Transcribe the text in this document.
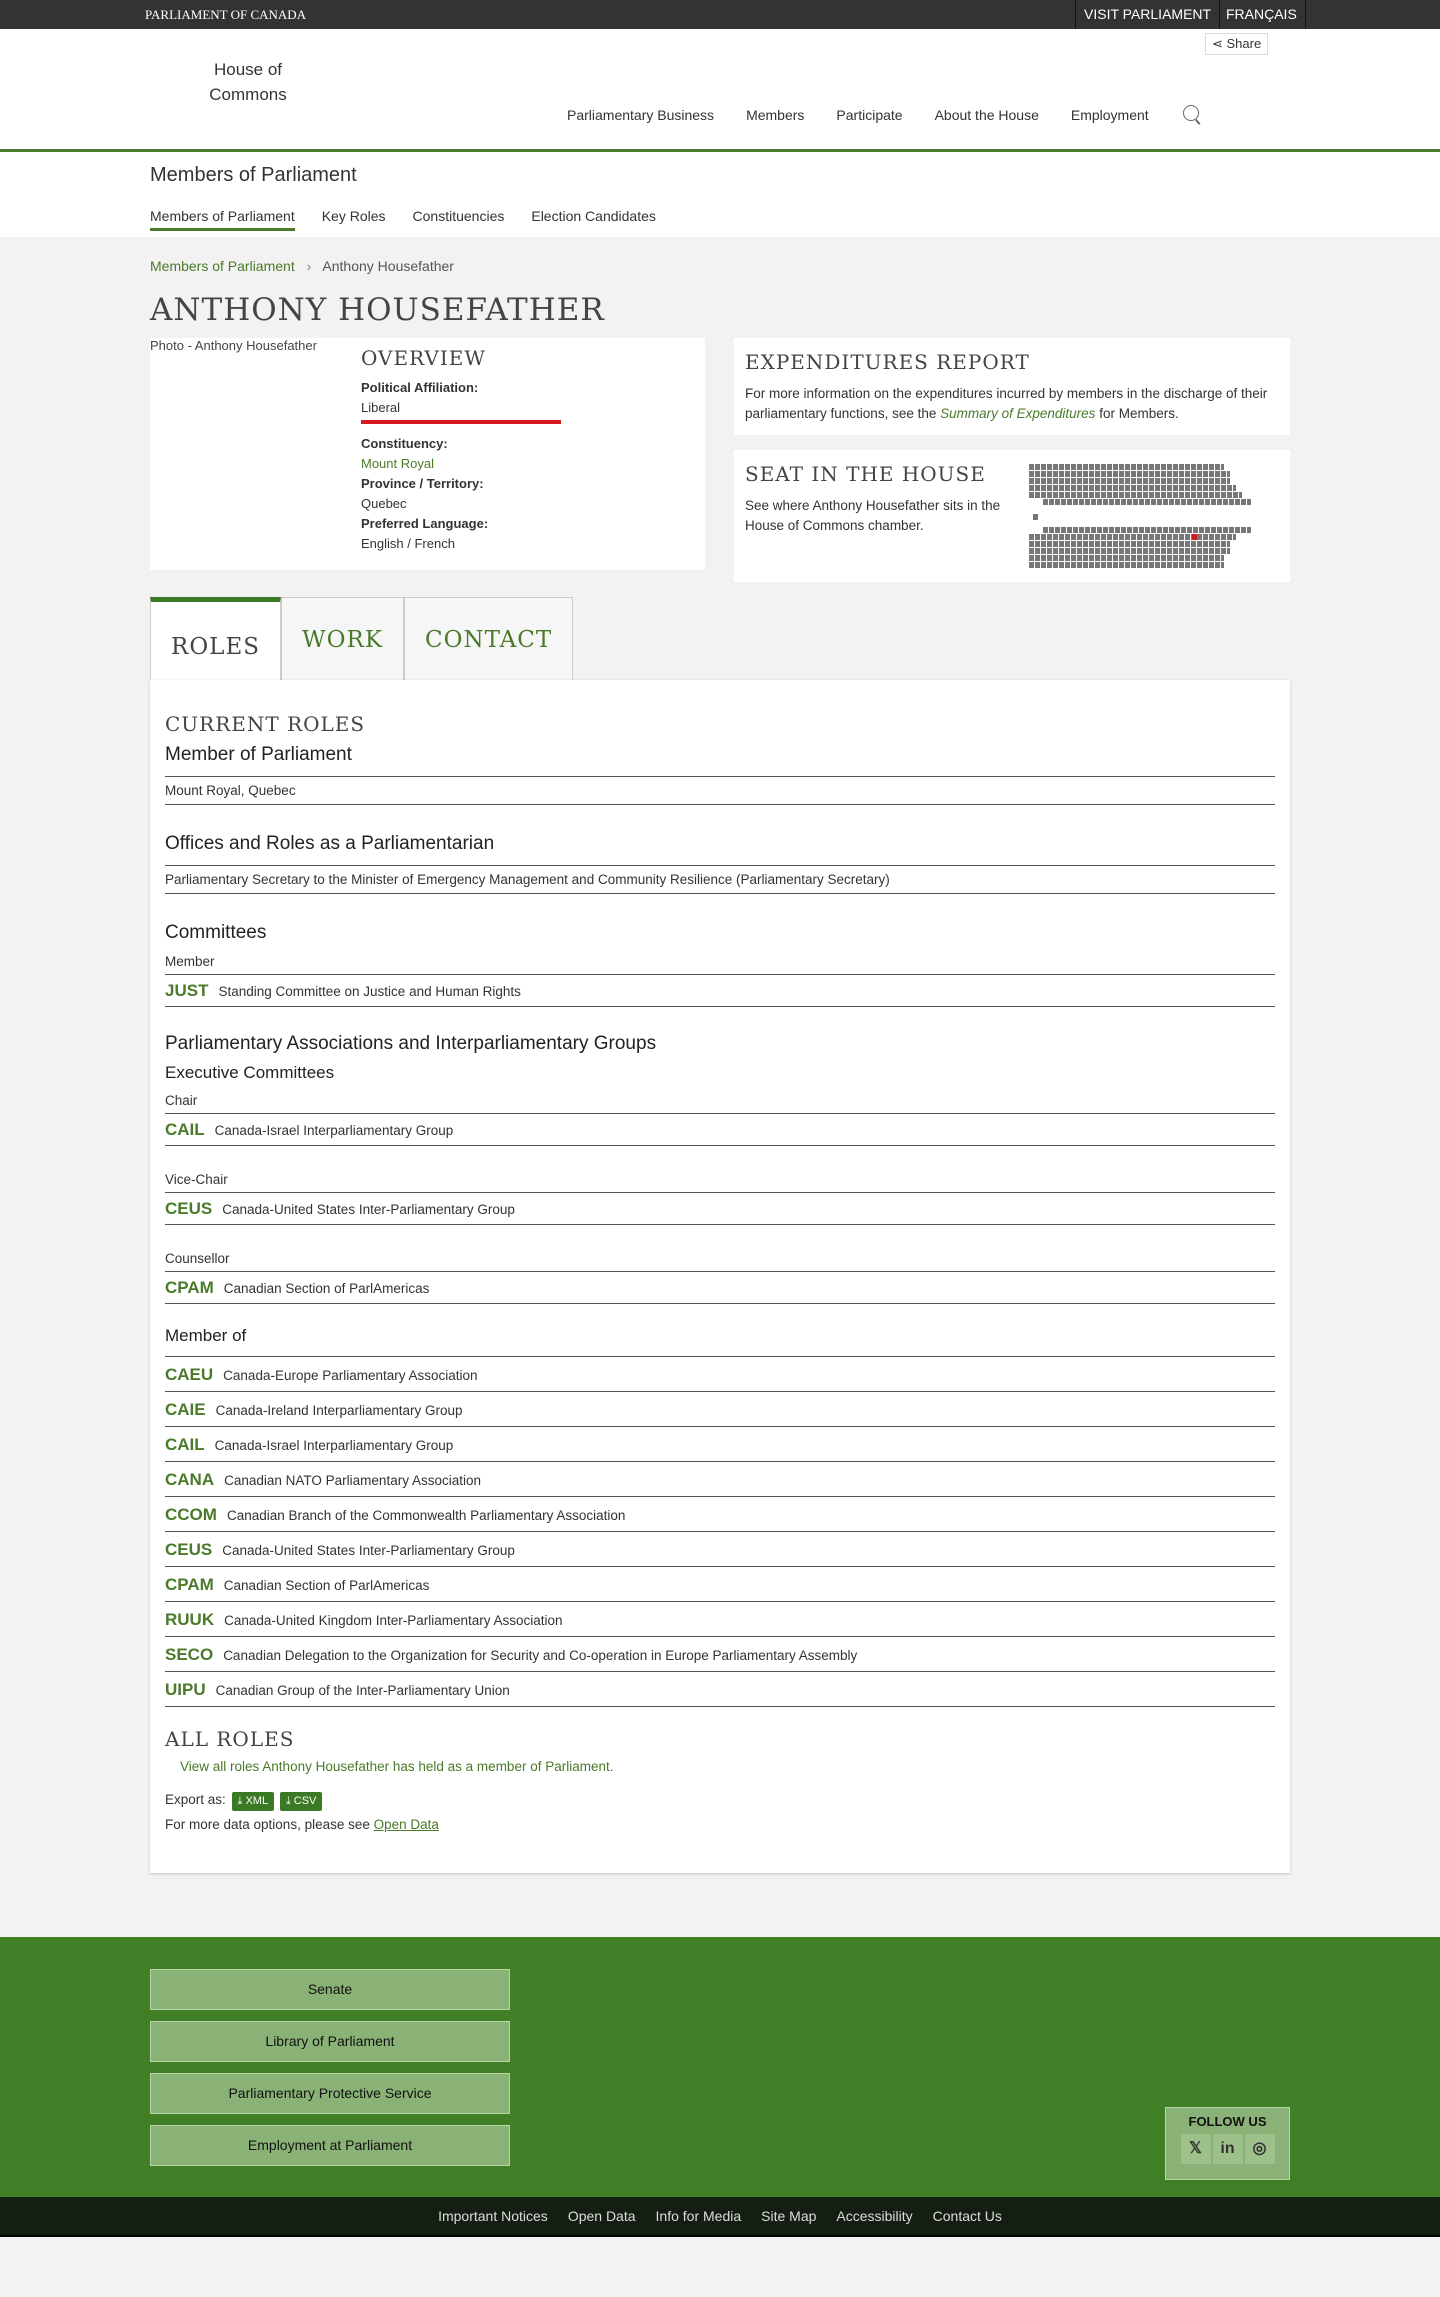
PARLIAMENT OF CANADA	VISIT PARLIAMENT	FRANÇAIS
⋖ Share
House of Commons
Parliamentary Business Members Participate About the House Employment
Members of Parliament
Members of Parliament Key Roles Constituencies Election Candidates
Members of Parliament › Anthony Housefather
ANTHONY HOUSEFATHER
Photo - Anthony Housefather
OVERVIEW
Political Affiliation:
Liberal
Constituency:
Mount Royal
Province / Territory:
Quebec
Preferred Language:
English / French
EXPENDITURES REPORT

For more information on the expenditures incurred by members in the discharge of their parliamentary functions, see the Summary of Expenditures for Members.

SEAT IN THE HOUSE

See where Anthony Housefather sits in the House of Commons chamber.

ROLES	WORK	CONTACT
CURRENT ROLES
Member of Parliament
Mount Royal, Quebec
Offices and Roles as a Parliamentarian
Parliamentary Secretary to the Minister of Emergency Management and Community Resilience (Parliamentary Secretary)
Committees
Member
JUST Standing Committee on Justice and Human Rights
Parliamentary Associations and Interparliamentary Groups
Executive Committees
Chair
CAIL Canada-Israel Interparliamentary Group
Vice-Chair
CEUS Canada-United States Inter-Parliamentary Group
Counsellor
CPAM Canadian Section of ParlAmericas
Member of
CAEU Canada-Europe Parliamentary Association
CAIE Canada-Ireland Interparliamentary Group
CAIL Canada-Israel Interparliamentary Group
CANA Canadian NATO Parliamentary Association
CCOM Canadian Branch of the Commonwealth Parliamentary Association
CEUS Canada-United States Inter-Parliamentary Group
CPAM Canadian Section of ParlAmericas
RUUK Canada-United Kingdom Inter-Parliamentary Association
SECO Canadian Delegation to the Organization for Security and Co-operation in Europe Parliamentary Assembly
UIPU Canadian Group of the Inter-Parliamentary Union
ALL ROLES
View all roles Anthony Housefather has held as a member of Parliament.
Export as: ⤓ XML ⤓ CSV
For more data options, please see Open Data
Senate
Library of Parliament
Parliamentary Protective Service
Employment at Parliament
FOLLOW US
𝕏 in ◎
Important Notices Open Data Info for Media Site Map Accessibility Contact Us
